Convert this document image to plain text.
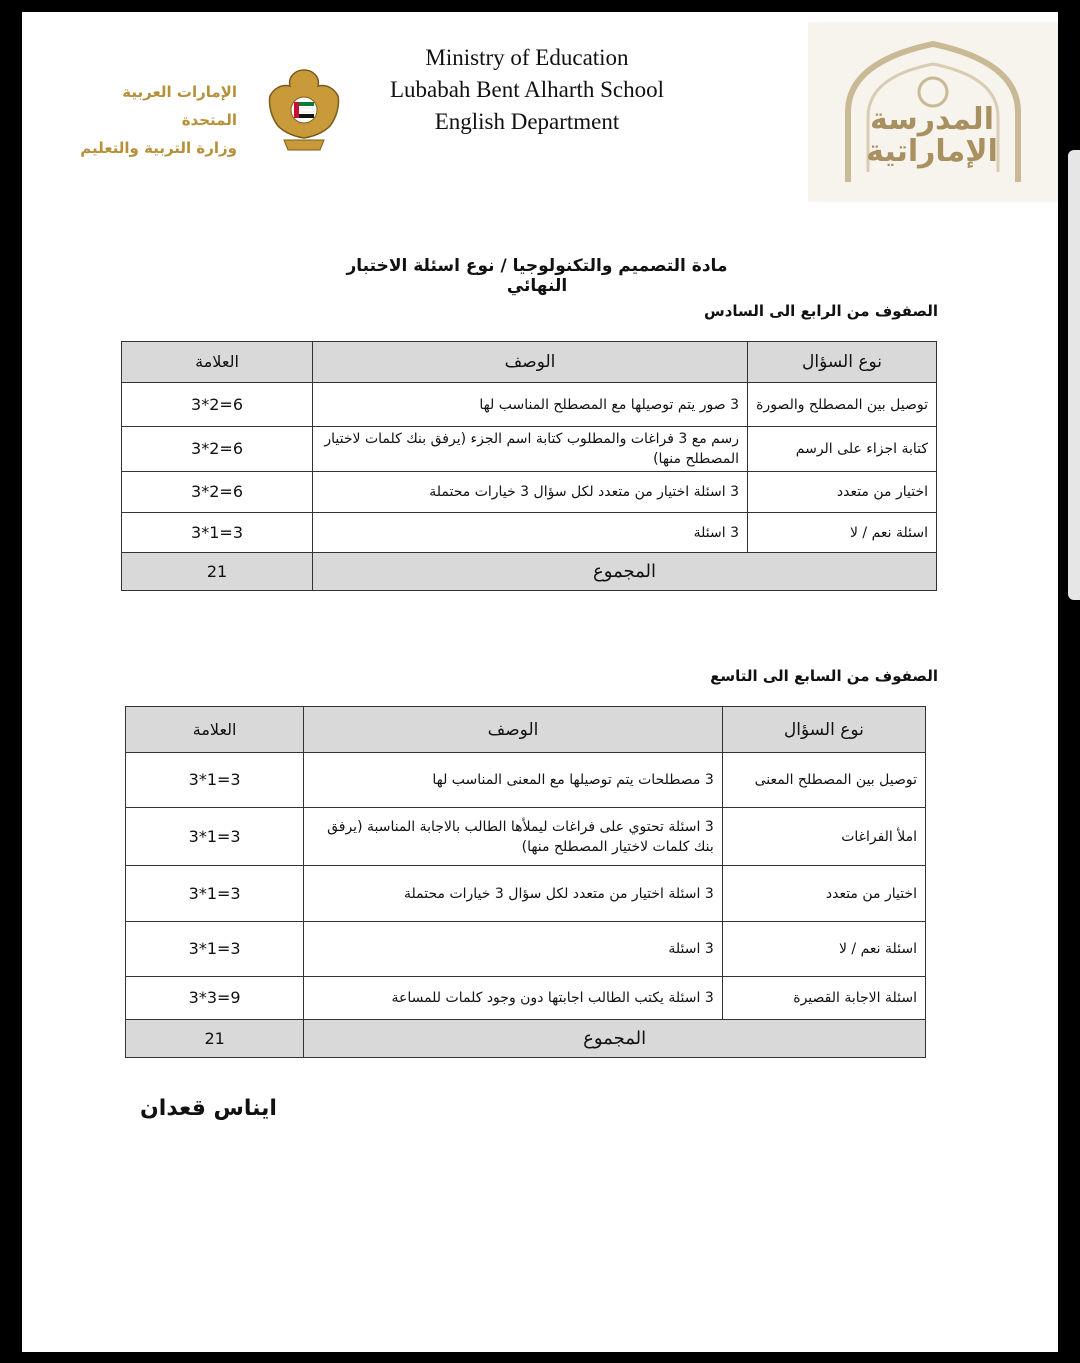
الإمارات العربية المتحدة
وزارة التربية والتعليم
Ministry of Education
Lubabah Bent Alharth School
English Department	المدرسة
الإماراتية
مادة التصميم والتكنولوجيا / نوع اسئلة الاختبار النهائي
الصفوف من الرابع الى السادس
نوع السؤال	الوصف	العلامة
توصيل بين المصطلح والصورة	3 صور يتم توصيلها مع المصطلح المناسب لها	3*2=6
كتابة اجزاء على الرسم	رسم مع 3 فراغات والمطلوب كتابة اسم الجزء (يرفق بنك كلمات لاختيار المصطلح منها)	3*2=6
اختيار من متعدد	3 اسئلة اختيار من متعدد لكل سؤال 3 خيارات محتملة	3*2=6
اسئلة نعم / لا	3 اسئلة	3*1=3
المجموع		21
الصفوف من السابع الى التاسع
نوع السؤال	الوصف	العلامة
توصيل بين المصطلح المعنى	3 مصطلحات يتم توصيلها مع المعنى المناسب لها	3*1=3
املأ الفراغات	3 اسئلة تحتوي على فراغات ليملأها الطالب بالاجابة المناسبة (يرفق بنك كلمات لاختيار المصطلح منها)	3*1=3
اختيار من متعدد	3 اسئلة اختيار من متعدد لكل سؤال 3 خيارات محتملة	3*1=3
اسئلة نعم / لا	3 اسئلة	3*1=3
اسئلة الاجابة القصيرة	3 اسئلة يكتب الطالب اجابتها دون وجود كلمات للمساعة	3*3=9
المجموع		21
ايناس قعدان
